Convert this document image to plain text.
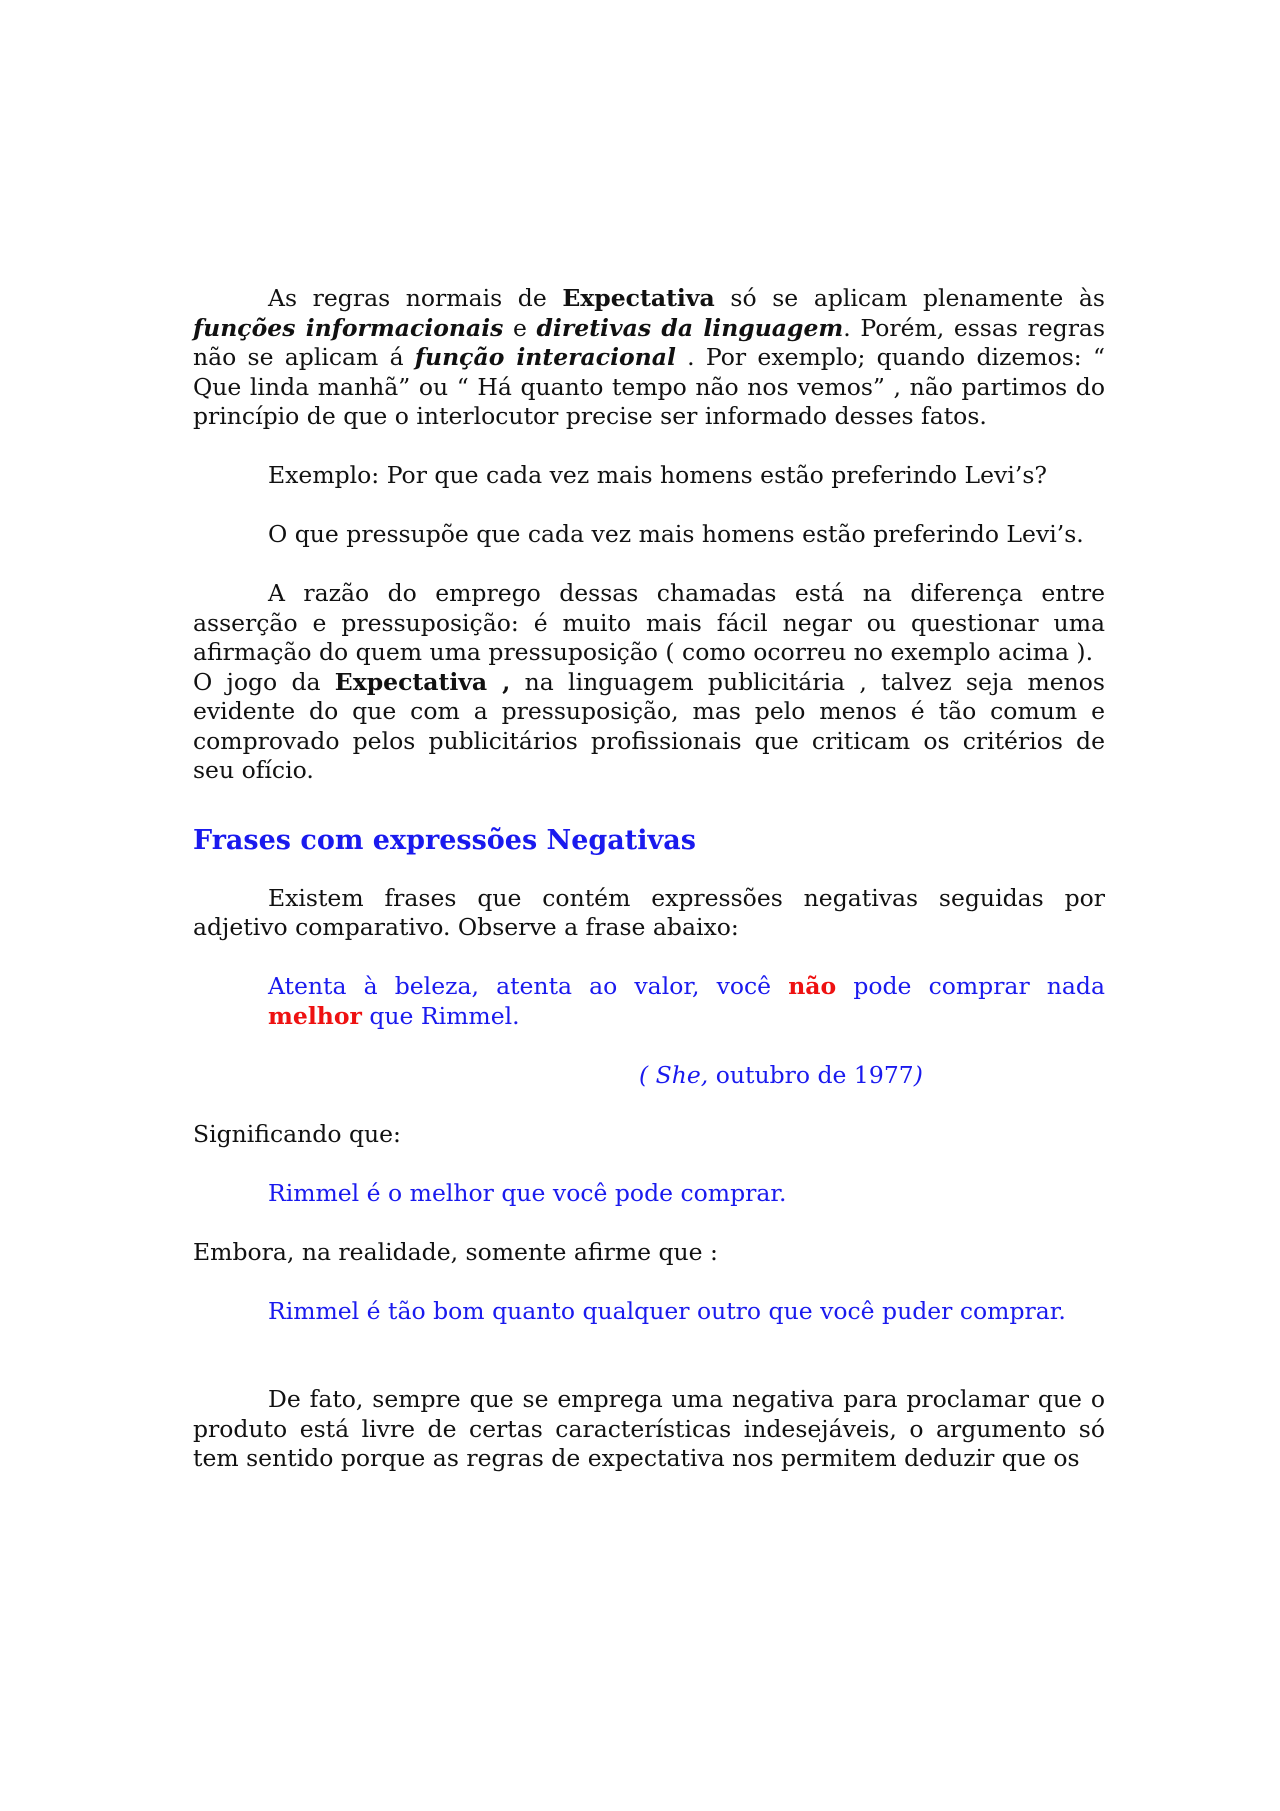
As regras normais de Expectativa só se aplicam plenamente às funções informacionais e diretivas da linguagem. Porém, essas regras não se aplicam á função interacional . Por exemplo; quando dizemos: “ Que linda manhã” ou “ Há quanto tempo não nos vemos” , não partimos do princípio de que o interlocutor precise ser informado desses fatos.

Exemplo: Por que cada vez mais homens estão preferindo Levi’s?

O que pressupõe que cada vez mais homens estão preferindo Levi’s.

A razão do emprego dessas chamadas está na diferença entre asserção e pressuposição: é muito mais fácil negar ou questionar uma afirmação do quem uma pressuposição ( como ocorreu no exemplo acima ).

O jogo da Expectativa , na linguagem publicitária , talvez seja menos evidente do que com a pressuposição, mas pelo menos é tão comum e comprovado pelos publicitários profissionais que criticam os critérios de seu ofício.

Frases com expressões Negativas

Existem frases que contém expressões negativas seguidas por adjetivo comparativo. Observe a frase abaixo:

Atenta à beleza, atenta ao valor, você não pode comprar nada melhor que Rimmel.

( She, outubro de 1977)

Significando que:

Rimmel é o melhor que você pode comprar.

Embora, na realidade, somente afirme que :

Rimmel é tão bom quanto qualquer outro que você puder comprar.

De fato, sempre que se emprega uma negativa para proclamar que o produto está livre de certas características indesejáveis, o argumento só tem sentido porque as regras de expectativa nos permitem deduzir que os
